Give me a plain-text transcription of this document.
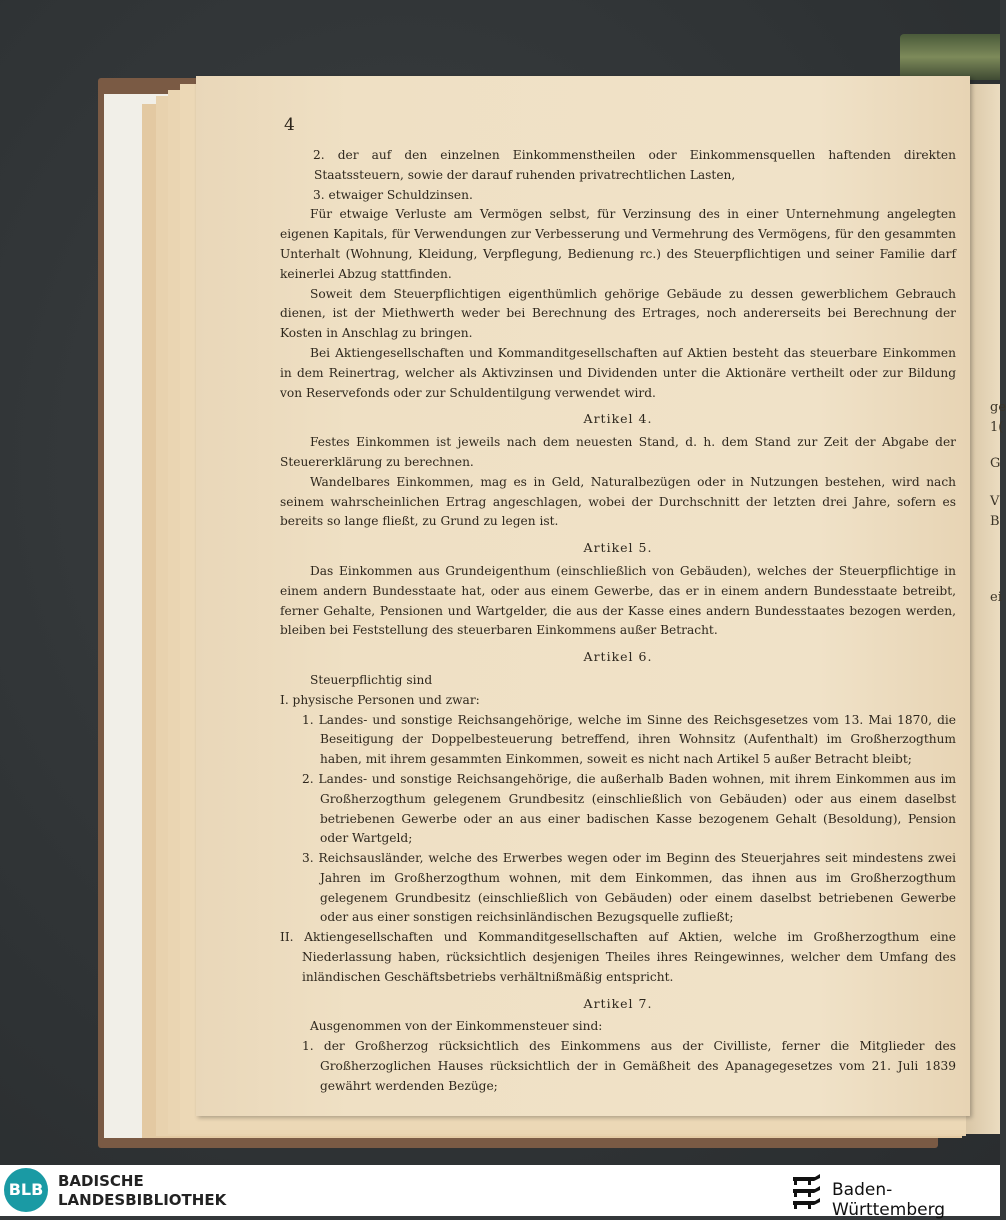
ge
1(
G
V
B
ei
4

2. der auf den einzelnen Einkommenstheilen oder Einkommensquellen haftenden direkten Staatssteuern, sowie der darauf ruhenden privatrechtlichen Lasten,

3. etwaiger Schuldzinsen.

Für etwaige Verluste am Vermögen selbst, für Verzinsung des in einer Unternehmung angelegten eigenen Kapitals, für Verwendungen zur Verbesserung und Vermehrung des Vermögens, für den gesammten Unterhalt (Wohnung, Kleidung, Verpflegung, Bedienung rc.) des Steuerpflichtigen und seiner Familie darf keinerlei Abzug stattfinden.

Soweit dem Steuerpflichtigen eigenthümlich gehörige Gebäude zu dessen gewerblichem Gebrauch dienen, ist der Miethwerth weder bei Berechnung des Ertrages, noch andererseits bei Berechnung der Kosten in Anschlag zu bringen.

Bei Aktiengesellschaften und Kommanditgesellschaften auf Aktien besteht das steuerbare Einkommen in dem Reinertrag, welcher als Aktivzinsen und Dividenden unter die Aktionäre vertheilt oder zur Bildung von Reservefonds oder zur Schuldentilgung verwendet wird.

Artikel 4.

Festes Einkommen ist jeweils nach dem neuesten Stand, d. h. dem Stand zur Zeit der Abgabe der Steuererklärung zu berechnen.

Wandelbares Einkommen, mag es in Geld, Naturalbezügen oder in Nutzungen bestehen, wird nach seinem wahrscheinlichen Ertrag angeschlagen, wobei der Durchschnitt der letzten drei Jahre, sofern es bereits so lange fließt, zu Grund zu legen ist.

Artikel 5.

Das Einkommen aus Grundeigenthum (einschließlich von Gebäuden), welches der Steuerpflichtige in einem andern Bundesstaate hat, oder aus einem Gewerbe, das er in einem andern Bundesstaate betreibt, ferner Gehalte, Pensionen und Wartgelder, die aus der Kasse eines andern Bundesstaates bezogen werden, bleiben bei Feststellung des steuerbaren Einkommens außer Betracht.

Artikel 6.

Steuerpflichtig sind

I. physische Personen und zwar:

1. Landes- und sonstige Reichsangehörige, welche im Sinne des Reichsgesetzes vom 13. Mai 1870, die Beseitigung der Doppelbesteuerung betreffend, ihren Wohnsitz (Aufenthalt) im Großherzogthum haben, mit ihrem gesammten Einkommen, soweit es nicht nach Artikel 5 außer Betracht bleibt;

2. Landes- und sonstige Reichsangehörige, die außerhalb Baden wohnen, mit ihrem Einkommen aus im Großherzogthum gelegenem Grundbesitz (einschließlich von Gebäuden) oder aus einem daselbst betriebenen Gewerbe oder an aus einer badischen Kasse bezogenem Gehalt (Besoldung), Pension oder Wartgeld;

3. Reichsausländer, welche des Erwerbes wegen oder im Beginn des Steuerjahres seit mindestens zwei Jahren im Großherzogthum wohnen, mit dem Einkommen, das ihnen aus im Großherzogthum gelegenem Grundbesitz (einschließlich von Gebäuden) oder einem daselbst betriebenen Gewerbe oder aus einer sonstigen reichsinländischen Bezugsquelle zufließt;

II. Aktiengesellschaften und Kommanditgesellschaften auf Aktien, welche im Großherzogthum eine Niederlassung haben, rücksichtlich desjenigen Theiles ihres Reingewinnes, welcher dem Umfang des inländischen Geschäftsbetriebs verhältnißmäßig entspricht.

Artikel 7.

Ausgenommen von der Einkommensteuer sind:

1. der Großherzog rücksichtlich des Einkommens aus der Civilliste, ferner die Mitglieder des Großherzoglichen Hauses rücksichtlich der in Gemäßheit des Apanagegesetzes vom 21. Juli 1839 gewährt werdenden Bezüge;

BLB BADISCHE
LANDESBIBLIOTHEK	Baden-Württemberg
